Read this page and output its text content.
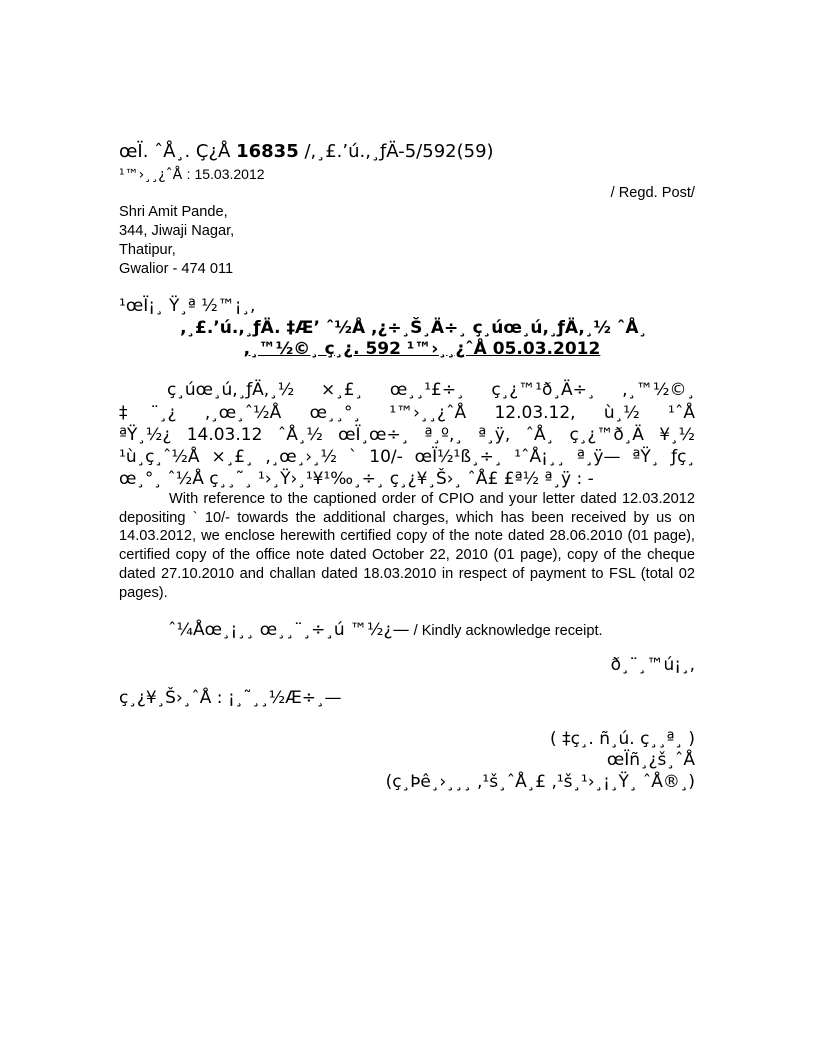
œÏ. ˆÅ¸. Ç¿Å 16835 /,¸£.’ú.,¸ƒÄ-5/592(59)
¹™›¸¸¿ˆÅ : 15.03.2012
/ Regd. Post/
Shri Amit Pande,
344, Jiwaji Nagar,
Thatipur,
Gwalior - 474 011
¹œÏ¡¸ Ÿ¸ª ½™¡¸,
,¸£.’ú.,¸ƒÄ. ‡Æ’ ˆ½Å ,¿÷¸Š¸Ä÷¸ ç¸úœ¸ú,¸ƒÄ,¸½ ˆÅ¸
,¸™½©¸ ç¸¿. 592 ¹™›¸¸¿ˆÅ 05.03.2012
ç¸úœ¸ú,¸ƒÄ,¸½ ×¸£¸ œ¸¸¹£÷¸ ç¸¿™¹ð¸Ä÷¸ ,¸™½©¸
‡¨¸¿ ,¸œ¸ˆ½Å œ¸¸°¸ ¹™›¸¸¿ˆÅ 12.03.12, ù¸½ ¹ˆÅ
ªŸ¸½¿ 14.03.12 ˆÅ¸½ œÏ¸œ÷¸ ª¸º,¸ ª¸ÿ, ˆÅ¸ ç¸¿™ð¸Ä ¥¸½
¹ù¸ç¸ˆ½Å ×¸£¸ ,¸œ¸›¸½ ` 10/- œÏ½¹ß¸÷¸ ¹ˆÅ¡¸¸ ª¸ÿ— ªŸ¸ ƒç¸
œ¸°¸ ˆ½Å ç¸¸˜¸ ¹›¸Ÿ›¸¹¥¹‰¸÷¸ ç¸¿¥¸Š›¸ ˆÅ£ £ª½ ª¸ÿ : -
With reference to the captioned order of CPIO and your letter dated 12.03.2012 depositing ` 10/- towards the additional charges, which has been received by us on 14.03.2012, we enclose herewith certified copy of the note dated 28.06.2010 (01 page), certified copy of the office note dated October 22, 2010 (01 page), copy of the cheque dated 27.10.2010 and challan dated 18.03.2010 in respect of payment to FSL (total 02 pages).
ˆ¼Åœ¸¡¸¸ œ¸¸¨¸÷¸ú ™½¿— / Kindly acknowledge receipt.
ð¸¨¸™ú¡¸,
ç¸¿¥¸Š›¸ˆÅ : ¡¸˜¸¸½Æ÷¸—
( ‡ç¸. ñ¸ú. ç¸¸ª¸ )
œÏñ¸¿š¸ˆÅ
(ç¸Þê¸›¸¸¸ ,¹š¸ˆÅ¸£ ,¹š¸¹›¸¡¸Ÿ¸ ˆÅ®¸)
